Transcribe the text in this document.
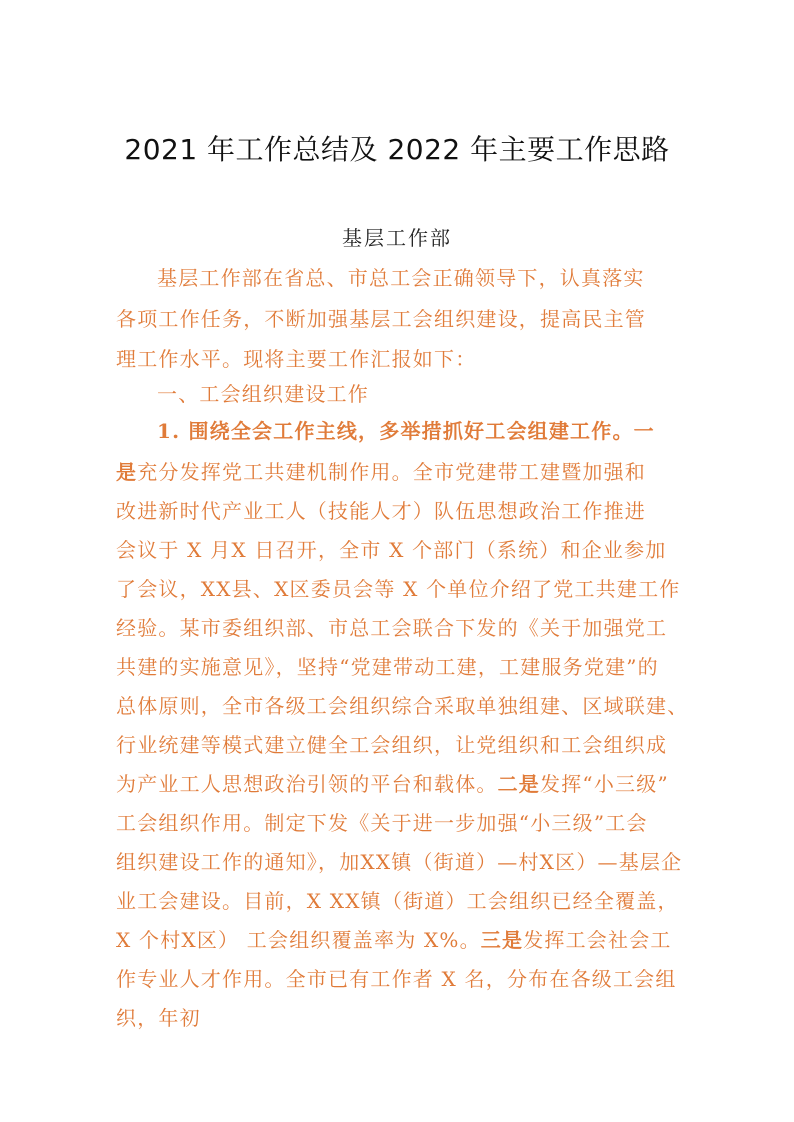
2021 年工作总结及 2022 年主要工作思路
基层工作部
基层工作部在省总、市总工会正确领导下，认真落实
各项工作任务，不断加强基层工会组织建设，提高民主管
理工作水平。现将主要工作汇报如下：
一、工会组织建设工作
1. 围绕全会工作主线，多举措抓好工会组建工作。一
是充分发挥党工共建机制作用。全市党建带工建暨加强和
改进新时代产业工人（技能人才）队伍思想政治工作推进
会议于 X 月X 日召开，全市 X 个部门（系统）和企业参加
了会议，XX县、X区委员会等 X 个单位介绍了党工共建工作
经验。某市委组织部、市总工会联合下发的《关于加强党工
共建的实施意见》，坚持“党建带动工建，工建服务党建”的
总体原则，全市各级工会组织综合采取单独组建、区域联建、
行业统建等模式建立健全工会组织，让党组织和工会组织成
为产业工人思想政治引领的平台和载体。二是发挥“小三级”
工会组织作用。制定下发《关于进一步加强“小三级”工会
组织建设工作的通知》，加XX镇（街道）—村X区）—基层企
业工会建设。目前，X XX镇（街道）工会组织已经全覆盖，
X 个村X区） 工会组织覆盖率为 X%。三是发挥工会社会工
作专业人才作用。全市已有工作者 X 名，分布在各级工会组
织，年初
